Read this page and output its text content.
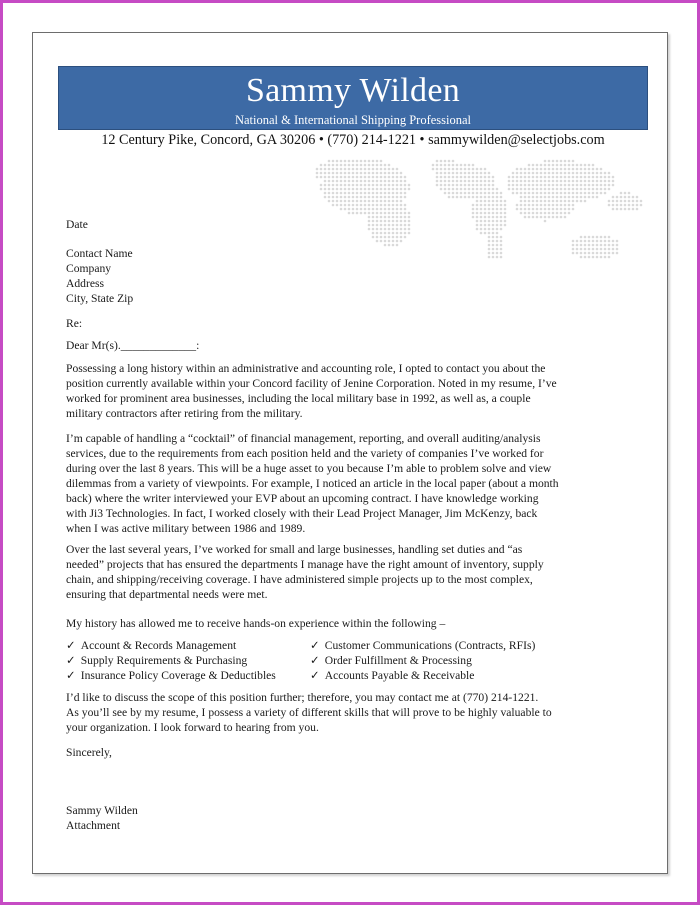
Sammy Wilden
National & International Shipping Professional
12 Century Pike, Concord, GA 30206 • (770) 214-1221 • sammywilden@selectjobs.com
Date

Contact Name

Company

Address

City, State Zip

Re:
Dear Mr(s)._____________:

Possessing a long history within an administrative and accounting role, I opted to contact you about the

position currently available within your Concord facility of Jenine Corporation. Noted in my resume, I’ve

worked for prominent area businesses, including the local military base in 1992, as well as, a couple

military contractors after retiring from the military.

I’m capable of handling a “cocktail” of financial management, reporting, and overall auditing/analysis

services, due to the requirements from each position held and the variety of companies I’ve worked for

during over the last 8 years. This will be a huge asset to you because I’m able to problem solve and view

dilemmas from a variety of viewpoints. For example, I noticed an article in the local paper (about a month

back) where the writer interviewed your EVP about an upcoming contract. I have knowledge working

with Ji3 Technologies. In fact, I worked closely with their Lead Project Manager, Jim McKenzy, back

when I was active military between 1986 and 1989.

Over the last several years, I’ve worked for small and large businesses, handling set duties and “as

needed” projects that has ensured the departments I manage have the right amount of inventory, supply

chain, and shipping/receiving coverage. I have administered simple projects up to the most complex,

ensuring that departmental needs were met.

My history has allowed me to receive hands-on experience within the following –
✓ Account & Records Management
✓ Supply Requirements & Purchasing
✓ Insurance Policy Coverage & Deductibles
✓ Customer Communications (Contracts, RFIs)
✓ Order Fulfillment & Processing
✓ Accounts Payable & Receivable

I’d like to discuss the scope of this position further; therefore, you may contact me at (770) 214-1221.

As you’ll see by my resume, I possess a variety of different skills that will prove to be highly valuable to

your organization. I look forward to hearing from you.

Sincerely,
Sammy Wilden
Attachment
